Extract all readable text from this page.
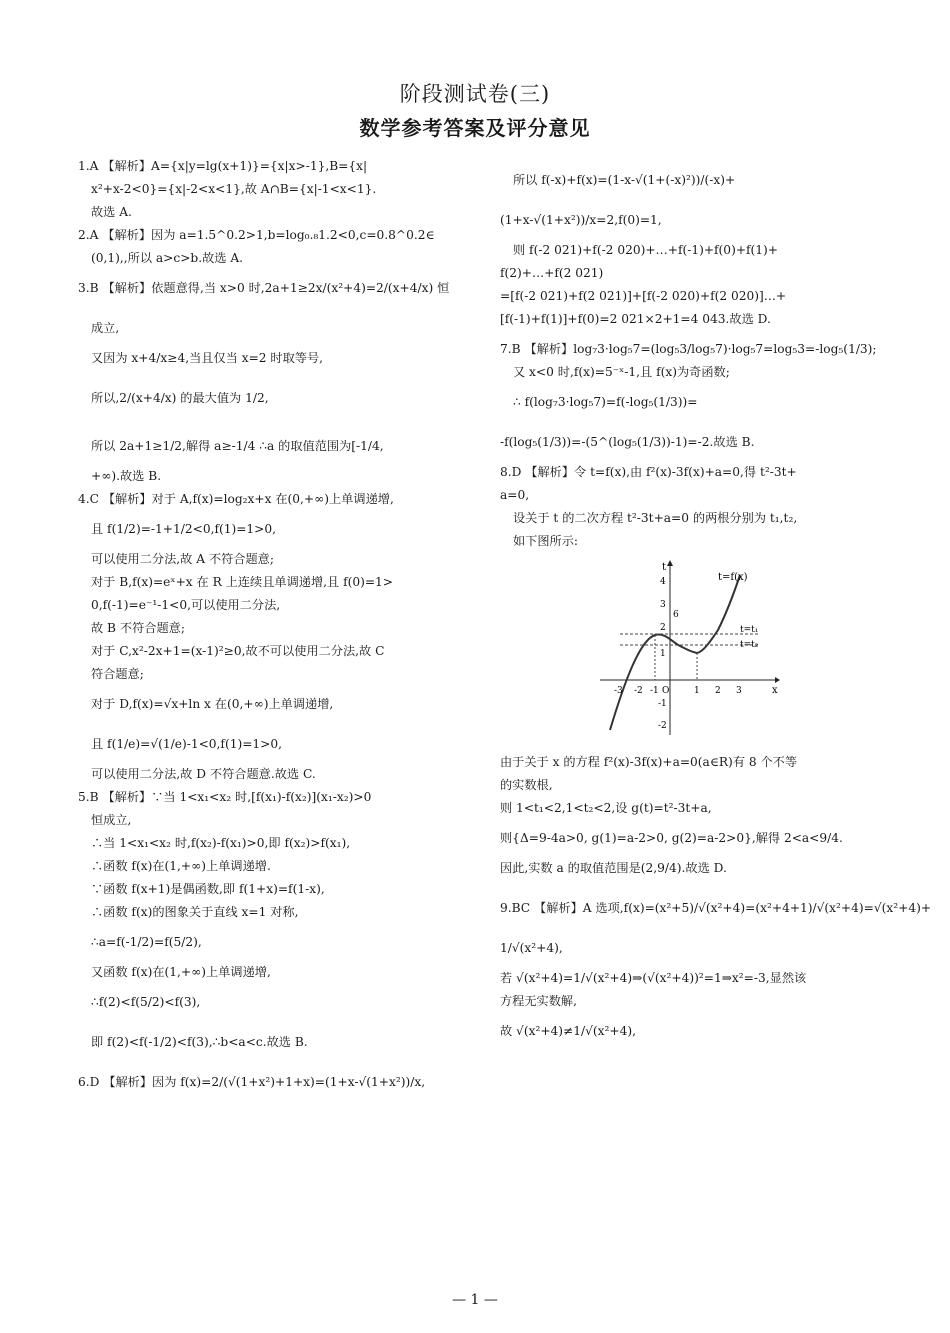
阶段测试卷(三)
数学参考答案及评分意见
1.A 【解析】A={x|y=lg(x+1)}={x|x>-1},B={x|
x²+x-2<0}={x|-2<x<1},故 A∩B={x|-1<x<1}.
故选 A.
2.A 【解析】因为 a=1.5^0.2>1,b=log₀.₈1.2<0,c=0.8^0.2∈
(0,1),,所以 a>c>b.故选 A.
3.B 【解析】依题意得,当 x>0 时,2a+1≥2x/(x²+4)=2/(x+4/x) 恒
成立,
又因为 x+4/x≥4,当且仅当 x=2 时取等号,
所以,2/(x+4/x) 的最大值为 1/2,
所以 2a+1≥1/2,解得 a≥-1/4 ∴a 的取值范围为[-1/4,
+∞).故选 B.
4.C 【解析】对于 A,f(x)=log₂x+x 在(0,+∞)上单调递增,
且 f(1/2)=-1+1/2<0,f(1)=1>0,
可以使用二分法,故 A 不符合题意;
对于 B,f(x)=eˣ+x 在 R 上连续且单调递增,且 f(0)=1>
0,f(-1)=e⁻¹-1<0,可以使用二分法,
故 B 不符合题意;
对于 C,x²-2x+1=(x-1)²≥0,故不可以使用二分法,故 C
符合题意;
对于 D,f(x)=√x+ln x 在(0,+∞)上单调递增,
且 f(1/e)=√(1/e)-1<0,f(1)=1>0,
可以使用二分法,故 D 不符合题意.故选 C.
5.B 【解析】∵当 1<x₁<x₂ 时,[f(x₁)-f(x₂)](x₁-x₂)>0
恒成立,
∴当 1<x₁<x₂ 时,f(x₂)-f(x₁)>0,即 f(x₂)>f(x₁),
∴函数 f(x)在(1,+∞)上单调递增.
∵函数 f(x+1)是偶函数,即 f(1+x)=f(1-x),
∴函数 f(x)的图象关于直线 x=1 对称,
∴a=f(-1/2)=f(5/2),
又函数 f(x)在(1,+∞)上单调递增,
∴f(2)<f(5/2)<f(3),
即 f(2)<f(-1/2)<f(3),∴b<a<c.故选 B.
6.D 【解析】因为 f(x)=2/(√(1+x²)+1+x)=(1+x-√(1+x²))/x,
所以 f(-x)+f(x)=(1-x-√(1+(-x)²))/(-x)+
(1+x-√(1+x²))/x=2,f(0)=1,
则 f(-2 021)+f(-2 020)+…+f(-1)+f(0)+f(1)+
f(2)+…+f(2 021)
=[f(-2 021)+f(2 021)]+[f(-2 020)+f(2 020)]…+
[f(-1)+f(1)]+f(0)=2 021×2+1=4 043.故选 D.
7.B 【解析】log₇3·log₅7=(log₅3/log₅7)·log₅7=log₅3=-log₅(1/3);
又 x<0 时,f(x)=5⁻ˣ-1,且 f(x)为奇函数;
∴ f(log₇3·log₅7)=f(-log₅(1/3))=
-f(log₅(1/3))=-(5^(log₅(1/3))-1)=-2.故选 B.
8.D 【解析】令 t=f(x),由 f²(x)-3f(x)+a=0,得 t²-3t+
a=0,
设关于 t 的二次方程 t²-3t+a=0 的两根分别为 t₁,t₂,
如下图所示:
t=f(x)
t=t₁
t=t₂
x
t
-3 -2 -1 O	1 2 3
4
3
2
1
-1
-2
6
由于关于 x 的方程 f²(x)-3f(x)+a=0(a∈R)有 8 个不等
的实数根,
则 1<t₁<2,1<t₂<2,设 g(t)=t²-3t+a,
则{Δ=9-4a>0, g(1)=a-2>0, g(2)=a-2>0},解得 2<a<9/4.
因此,实数 a 的取值范围是(2,9/4).故选 D.
9.BC 【解析】A 选项,f(x)=(x²+5)/√(x²+4)=(x²+4+1)/√(x²+4)=√(x²+4)+
1/√(x²+4),
若 √(x²+4)=1/√(x²+4)⇒(√(x²+4))²=1⇒x²=-3,显然该
方程无实数解,
故 √(x²+4)≠1/√(x²+4),
— 1 —
